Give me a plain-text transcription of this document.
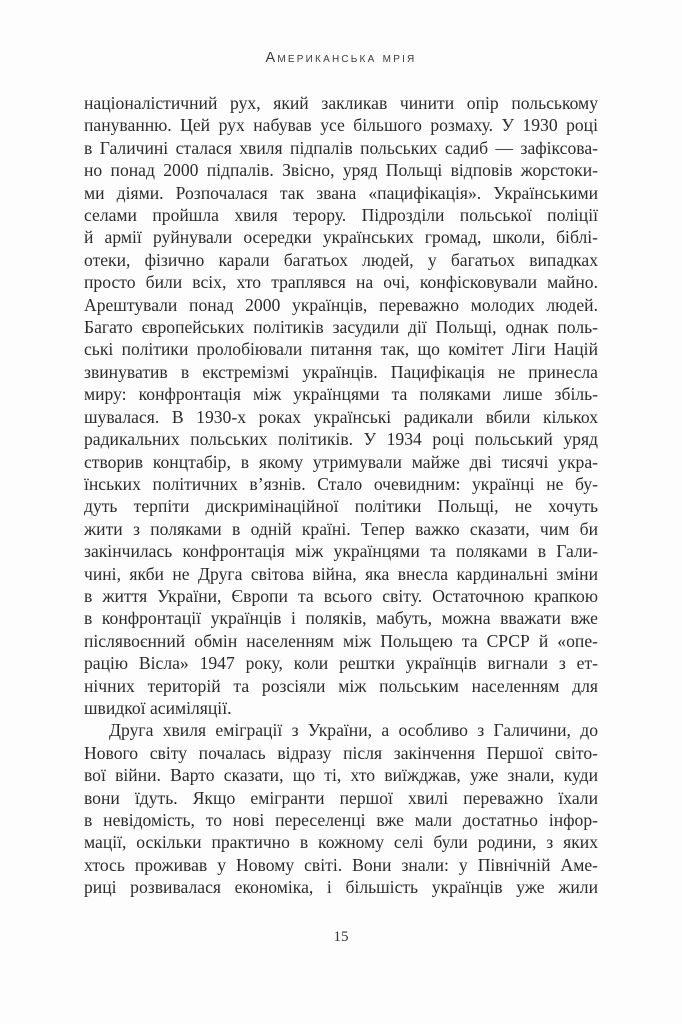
Американська мрія
націоналістичний рух, який закликав чинити опір польському
пануванню. Цей рух набував усе більшого розмаху. У 1930 році
в Галичині сталася хвиля підпалів польських садиб — зафіксова-
но понад 2000 підпалів. Звісно, уряд Польщі відповів жорстоки-
ми діями. Розпочалася так звана «пацифікація». Українськими
селами пройшла хвиля терору. Підрозділи польської поліції
й армії руйнували осередки українських громад, школи, біблі-
отеки, фізично карали багатьох людей, у багатьох випадках
просто били всіх, хто траплявся на очі, конфісковували майно.
Арештували понад 2000 українців, переважно молодих людей.
Багато європейських політиків засудили дії Польщі, однак поль-
ські політики пролобіювали питання так, що комітет Ліги Націй
звинуватив в екстремізмі українців. Пацифікація не принесла
миру: конфронтація між українцями та поляками лише збіль-
шувалася. В 1930-х роках українські радикали вбили кількох
радикальних польських політиків. У 1934 році польський уряд
створив концтабір, в якому утримували майже дві тисячі укра-
їнських політичних в’язнів. Стало очевидним: українці не бу-
дуть терпіти дискримінаційної політики Польщі, не хочуть
жити з поляками в одній країні. Тепер важко сказати, чим би
закінчилась конфронтація між українцями та поляками в Гали-
чині, якби не Друга світова війна, яка внесла кардинальні зміни
в життя України, Європи та всього світу. Остаточною крапкою
в конфронтації українців і поляків, мабуть, можна вважати вже
післявоєнний обмін населенням між Польщею та СРСР й «опе-
рацію Вісла» 1947 року, коли рештки українців вигнали з ет-
нічних територій та розсіяли між польським населенням для
швидкої асиміляції.
Друга хвиля еміграції з України, а особливо з Галичини, до
Нового світу почалась відразу після закінчення Першої світо-
вої війни. Варто сказати, що ті, хто виїжджав, уже знали, куди
вони їдуть. Якщо емігранти першої хвилі переважно їхали
в невідомість, то нові переселенці вже мали достатньо інфор-
мації, оскільки практично в кожному селі були родини, з яких
хтось проживав у Новому світі. Вони знали: у Північній Аме-
риці розвивалася економіка, і більшість українців уже жили
15
